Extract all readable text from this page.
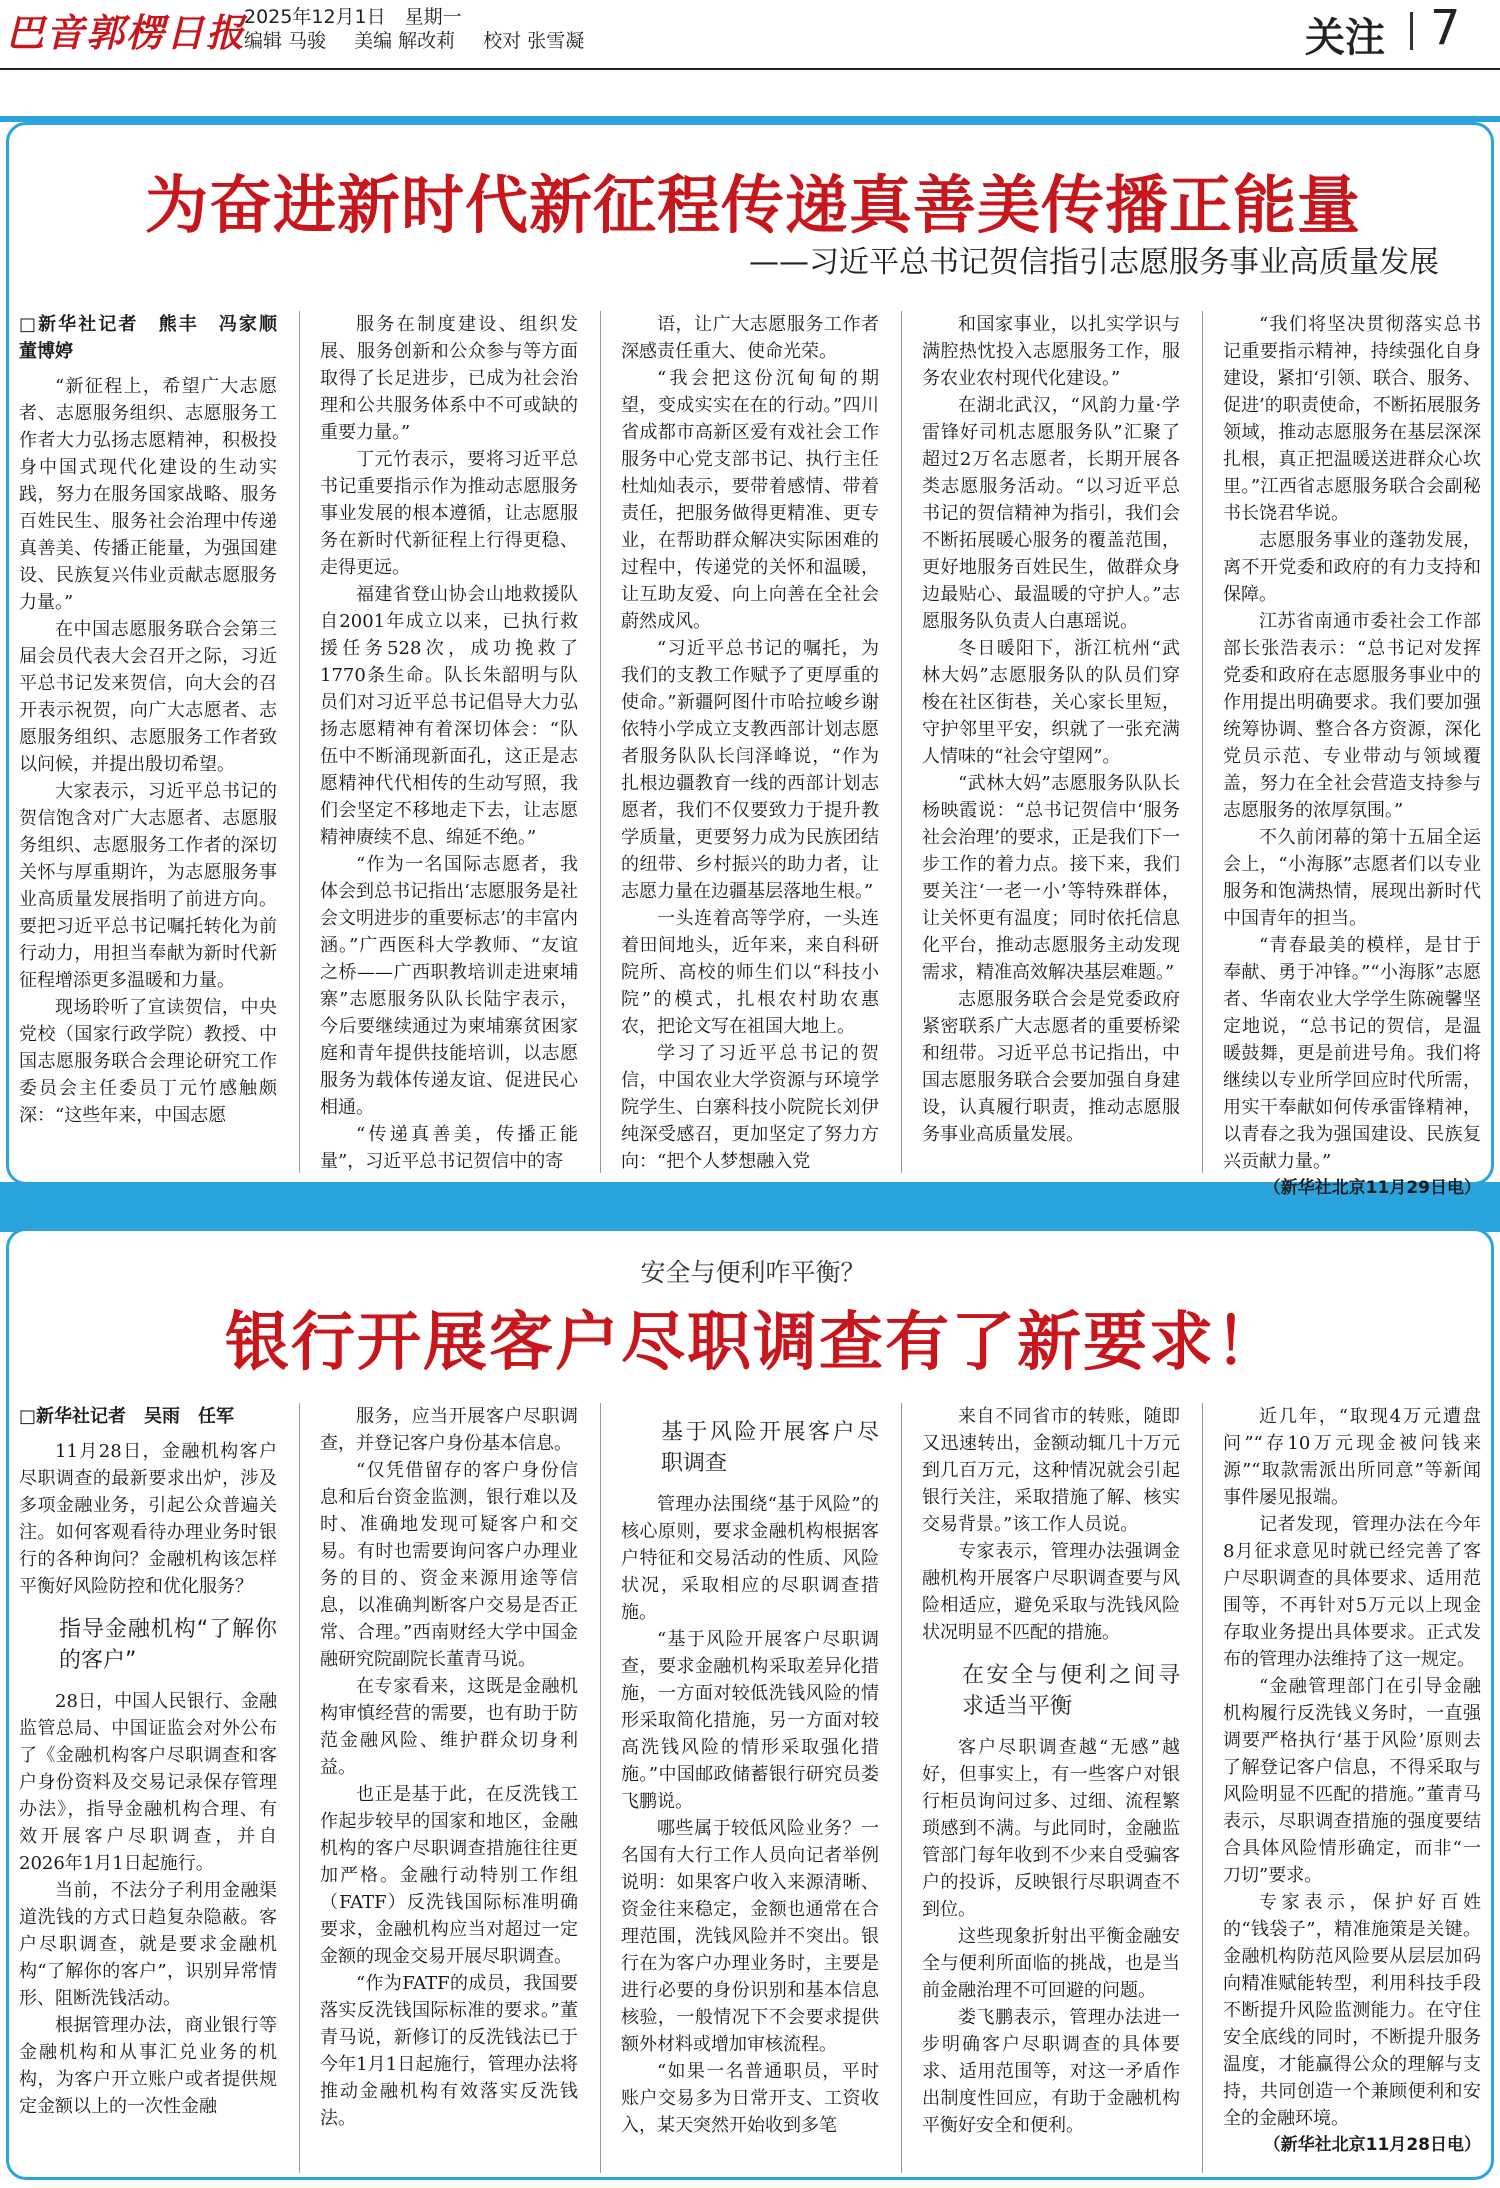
巴音郭楞日报
2025年12月1日　星期一
编辑 马骏 美编 解改莉 校对 张雪凝	关注 7
为奋进新时代新征程传递真善美传播正能量
——习近平总书记贺信指引志愿服务事业高质量发展

□新华社记者　熊丰　冯家顺　董博婷

“新征程上，希望广大志愿者、志愿服务组织、志愿服务工作者大力弘扬志愿精神，积极投身中国式现代化建设的生动实践，努力在服务国家战略、服务百姓民生、服务社会治理中传递真善美、传播正能量，为强国建设、民族复兴伟业贡献志愿服务力量。”

在中国志愿服务联合会第三届会员代表大会召开之际，习近平总书记发来贺信，向大会的召开表示祝贺，向广大志愿者、志愿服务组织、志愿服务工作者致以问候，并提出殷切希望。

大家表示，习近平总书记的贺信饱含对广大志愿者、志愿服务组织、志愿服务工作者的深切关怀与厚重期许，为志愿服务事业高质量发展指明了前进方向。要把习近平总书记嘱托转化为前行动力，用担当奉献为新时代新征程增添更多温暖和力量。

现场聆听了宣读贺信，中央党校（国家行政学院）教授、中国志愿服务联合会理论研究工作委员会主任委员丁元竹感触颇深：“这些年来，中国志愿

服务在制度建设、组织发展、服务创新和公众参与等方面取得了长足进步，已成为社会治理和公共服务体系中不可或缺的重要力量。”

丁元竹表示，要将习近平总书记重要指示作为推动志愿服务事业发展的根本遵循，让志愿服务在新时代新征程上行得更稳、走得更远。

福建省登山协会山地救援队自2001年成立以来，已执行救援任务528次，成功挽救了1770条生命。队长朱韶明与队员们对习近平总书记倡导大力弘扬志愿精神有着深切体会：“队伍中不断涌现新面孔，这正是志愿精神代代相传的生动写照，我们会坚定不移地走下去，让志愿精神赓续不息、绵延不绝。”

“作为一名国际志愿者，我体会到总书记指出‘志愿服务是社会文明进步的重要标志’的丰富内涵。”广西医科大学教师、“友谊之桥——广西职教培训走进柬埔寨”志愿服务队队长陆宇表示，今后要继续通过为柬埔寨贫困家庭和青年提供技能培训，以志愿服务为载体传递友谊、促进民心相通。

“传递真善美，传播正能量”，习近平总书记贺信中的寄

语，让广大志愿服务工作者深感责任重大、使命光荣。

“我会把这份沉甸甸的期望，变成实实在在的行动。”四川省成都市高新区爱有戏社会工作服务中心党支部书记、执行主任杜灿灿表示，要带着感情、带着责任，把服务做得更精准、更专业，在帮助群众解决实际困难的过程中，传递党的关怀和温暖，让互助友爱、向上向善在全社会蔚然成风。

“习近平总书记的嘱托，为我们的支教工作赋予了更厚重的使命。”新疆阿图什市哈拉峻乡谢依特小学成立支教西部计划志愿者服务队队长闫泽峰说，“作为扎根边疆教育一线的西部计划志愿者，我们不仅要致力于提升教学质量，更要努力成为民族团结的纽带、乡村振兴的助力者，让志愿力量在边疆基层落地生根。”

一头连着高等学府，一头连着田间地头，近年来，来自科研院所、高校的师生们以“科技小院”的模式，扎根农村助农惠农，把论文写在祖国大地上。

学习了习近平总书记的贺信，中国农业大学资源与环境学院学生、白寨科技小院院长刘伊纯深受感召，更加坚定了努力方向：“把个人梦想融入党

和国家事业，以扎实学识与满腔热忱投入志愿服务工作，服务农业农村现代化建设。”

在湖北武汉，“风韵力量·学雷锋好司机志愿服务队”汇聚了超过2万名志愿者，长期开展各类志愿服务活动。“以习近平总书记的贺信精神为指引，我们会不断拓展暖心服务的覆盖范围，更好地服务百姓民生，做群众身边最贴心、最温暖的守护人。”志愿服务队负责人白惠瑶说。

冬日暖阳下，浙江杭州“武林大妈”志愿服务队的队员们穿梭在社区街巷，关心家长里短，守护邻里平安，织就了一张充满人情味的“社会守望网”。

“武林大妈”志愿服务队队长杨映霞说：“总书记贺信中‘服务社会治理’的要求，正是我们下一步工作的着力点。接下来，我们要关注‘一老一小’等特殊群体，让关怀更有温度；同时依托信息化平台，推动志愿服务主动发现需求，精准高效解决基层难题。”

志愿服务联合会是党委政府紧密联系广大志愿者的重要桥梁和纽带。习近平总书记指出，中国志愿服务联合会要加强自身建设，认真履行职责，推动志愿服务事业高质量发展。

“我们将坚决贯彻落实总书记重要指示精神，持续强化自身建设，紧扣‘引领、联合、服务、促进’的职责使命，不断拓展服务领域，推动志愿服务在基层深深扎根，真正把温暖送进群众心坎里。”江西省志愿服务联合会副秘书长饶君华说。

志愿服务事业的蓬勃发展，离不开党委和政府的有力支持和保障。

江苏省南通市委社会工作部部长张浩表示：“总书记对发挥党委和政府在志愿服务事业中的作用提出明确要求。我们要加强统筹协调、整合各方资源，深化党员示范、专业带动与领域覆盖，努力在全社会营造支持参与志愿服务的浓厚氛围。”

不久前闭幕的第十五届全运会上，“小海豚”志愿者们以专业服务和饱满热情，展现出新时代中国青年的担当。

“青春最美的模样，是甘于奉献、勇于冲锋。”“小海豚”志愿者、华南农业大学学生陈碗馨坚定地说，“总书记的贺信，是温暖鼓舞，更是前进号角。我们将继续以专业所学回应时代所需，用实干奉献如何传承雷锋精神，以青春之我为强国建设、民族复兴贡献力量。”

（新华社北京11月29日电）

安全与便利咋平衡？
银行开展客户尽职调查有了新要求！

□新华社记者　吴雨　任军

11月28日，金融机构客户尽职调查的最新要求出炉，涉及多项金融业务，引起公众普遍关注。如何客观看待办理业务时银行的各种询问？金融机构该怎样平衡好风险防控和优化服务？

指导金融机构“了解你的客户”

28日，中国人民银行、金融监管总局、中国证监会对外公布了《金融机构客户尽职调查和客户身份资料及交易记录保存管理办法》，指导金融机构合理、有效开展客户尽职调查，并自2026年1月1日起施行。

当前，不法分子利用金融渠道洗钱的方式日趋复杂隐蔽。客户尽职调查，就是要求金融机构“了解你的客户”，识别异常情形、阻断洗钱活动。

根据管理办法，商业银行等金融机构和从事汇兑业务的机构，为客户开立账户或者提供规定金额以上的一次性金融

服务，应当开展客户尽职调查，并登记客户身份基本信息。

“仅凭借留存的客户身份信息和后台资金监测，银行难以及时、准确地发现可疑客户和交易。有时也需要询问客户办理业务的目的、资金来源用途等信息，以准确判断客户交易是否正常、合理。”西南财经大学中国金融研究院副院长董青马说。

在专家看来，这既是金融机构审慎经营的需要，也有助于防范金融风险、维护群众切身利益。

也正是基于此，在反洗钱工作起步较早的国家和地区，金融机构的客户尽职调查措施往往更加严格。金融行动特别工作组（FATF）反洗钱国际标准明确要求，金融机构应当对超过一定金额的现金交易开展尽职调查。

“作为FATF的成员，我国要落实反洗钱国际标准的要求。”董青马说，新修订的反洗钱法已于今年1月1日起施行，管理办法将推动金融机构有效落实反洗钱法。

基于风险开展客户尽职调查

管理办法围绕“基于风险”的核心原则，要求金融机构根据客户特征和交易活动的性质、风险状况，采取相应的尽职调查措施。

“基于风险开展客户尽职调查，要求金融机构采取差异化措施，一方面对较低洗钱风险的情形采取简化措施，另一方面对较高洗钱风险的情形采取强化措施。”中国邮政储蓄银行研究员娄飞鹏说。

哪些属于较低风险业务？一名国有大行工作人员向记者举例说明：如果客户收入来源清晰、资金往来稳定，金额也通常在合理范围，洗钱风险并不突出。银行在为客户办理业务时，主要是进行必要的身份识别和基本信息核验，一般情况下不会要求提供额外材料或增加审核流程。

“如果一名普通职员，平时账户交易多为日常开支、工资收入，某天突然开始收到多笔

来自不同省市的转账，随即又迅速转出，金额动辄几十万元到几百万元，这种情况就会引起银行关注，采取措施了解、核实交易背景。”该工作人员说。

专家表示，管理办法强调金融机构开展客户尽职调查要与风险相适应，避免采取与洗钱风险状况明显不匹配的措施。

在安全与便利之间寻求适当平衡

客户尽职调查越“无感”越好，但事实上，有一些客户对银行柜员询问过多、过细、流程繁琐感到不满。与此同时，金融监管部门每年收到不少来自受骗客户的投诉，反映银行尽职调查不到位。

这些现象折射出平衡金融安全与便利所面临的挑战，也是当前金融治理不可回避的问题。

娄飞鹏表示，管理办法进一步明确客户尽职调查的具体要求、适用范围等，对这一矛盾作出制度性回应，有助于金融机构平衡好安全和便利。

近几年，“取现4万元遭盘问”“存10万元现金被问钱来源”“取款需派出所同意”等新闻事件屡见报端。

记者发现，管理办法在今年8月征求意见时就已经完善了客户尽职调查的具体要求、适用范围等，不再针对5万元以上现金存取业务提出具体要求。正式发布的管理办法维持了这一规定。

“金融管理部门在引导金融机构履行反洗钱义务时，一直强调要严格执行‘基于风险’原则去了解登记客户信息，不得采取与风险明显不匹配的措施。”董青马表示，尽职调查措施的强度要结合具体风险情形确定，而非“一刀切”要求。

专家表示，保护好百姓的“钱袋子”，精准施策是关键。金融机构防范风险要从层层加码向精准赋能转型，利用科技手段不断提升风险监测能力。在守住安全底线的同时，不断提升服务温度，才能赢得公众的理解与支持，共同创造一个兼顾便利和安全的金融环境。

（新华社北京11月28日电）
